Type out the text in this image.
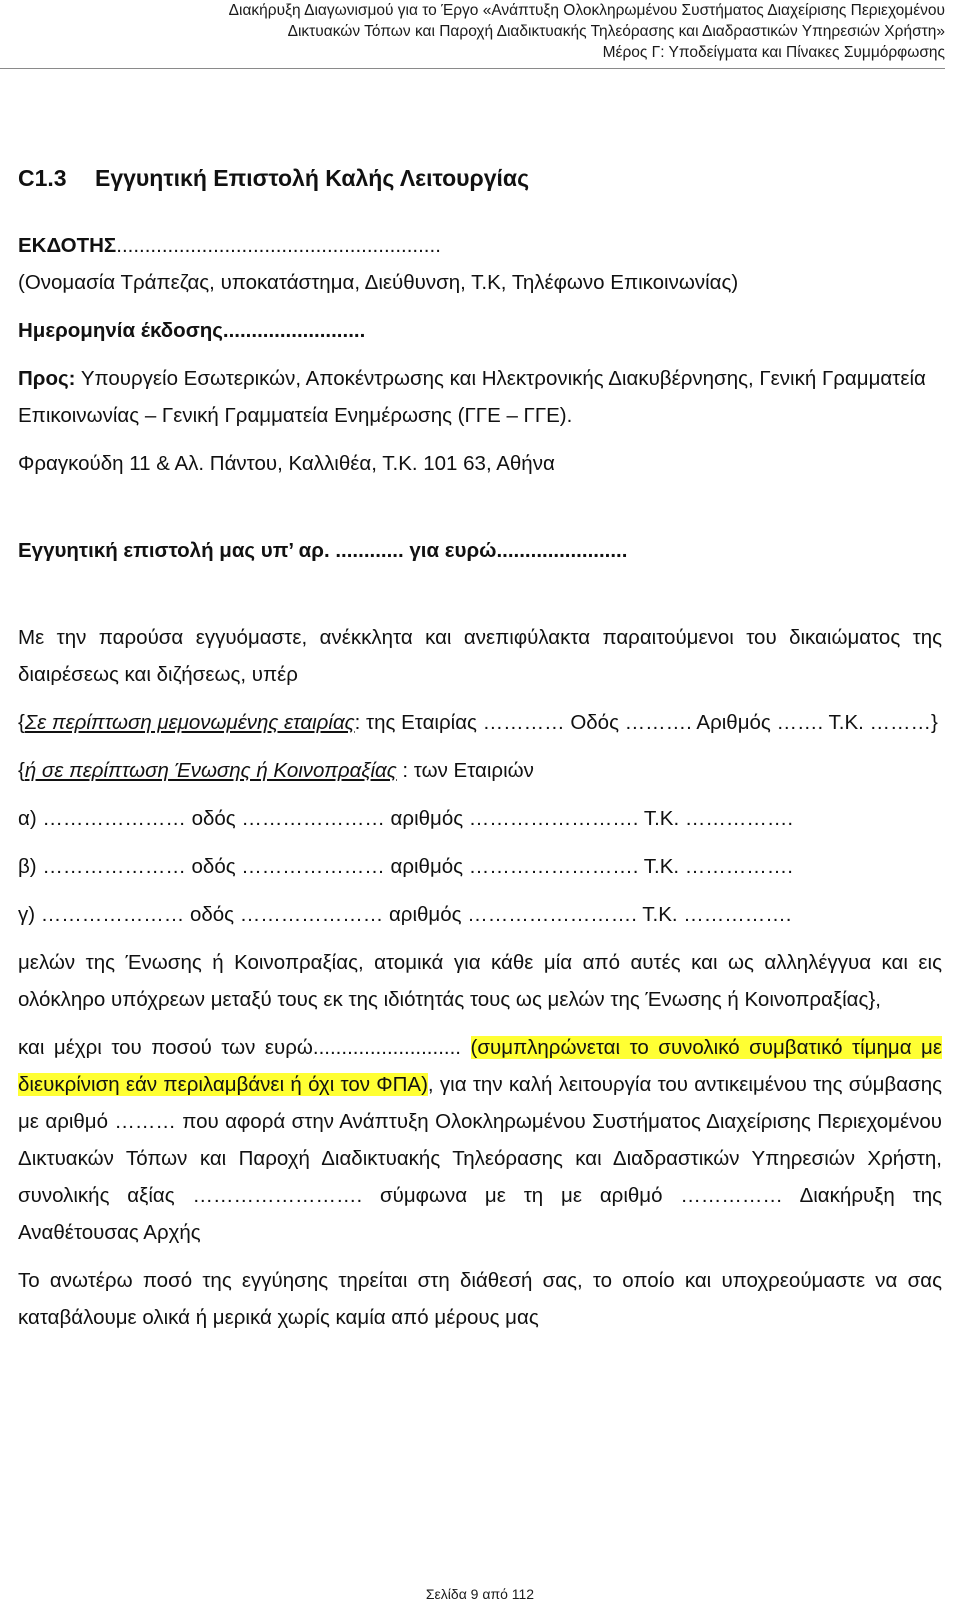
Διακήρυξη Διαγωνισμού για το Έργο «Ανάπτυξη Ολοκληρωμένου Συστήματος Διαχείρισης Περιεχομένου
Δικτυακών Τόπων και Παροχή Διαδικτυακής Τηλεόρασης και Διαδραστικών Υπηρεσιών Χρήστη»
Μέρος Γ: Υποδείγματα και Πίνακες Συμμόρφωσης

C1.3 Εγγυητική Επιστολή Καλής Λειτουργίας

ΕΚΔΟΤΗΣ.........................................................

(Ονομασία Τράπεζας, υποκατάστημα, Διεύθυνση, Τ.Κ, Τηλέφωνο Επικοινωνίας)

Ημερομηνία έκδοσης.........................

Προς: Υπουργείο Εσωτερικών, Αποκέντρωσης και Ηλεκτρονικής Διακυβέρνησης, Γενική Γραμματεία Επικοινωνίας – Γενική Γραμματεία Ενημέρωσης (ΓΓΕ – ΓΓΕ).

Φραγκούδη 11 & Αλ. Πάντου, Καλλιθέα, Τ.Κ. 101 63, Αθήνα

Εγγυητική επιστολή μας υπ’ αρ. ............ για ευρώ.......................

Με την παρούσα εγγυόμαστε, ανέκκλητα και ανεπιφύλακτα παραιτούμενοι του δικαιώματος της διαιρέσεως και διζήσεως, υπέρ

{Σε περίπτωση μεμονωμένης εταιρίας: της Εταιρίας ………… Οδός ………. Αριθμός ……. Τ.Κ. ………}

{ή σε περίπτωση Ένωσης ή Κοινοπραξίας : των Εταιριών

α) ………………… οδός ………………… αριθμός ……………………. Τ.Κ. …………….

β) ………………… οδός ………………… αριθμός ……………………. Τ.Κ. …………….

γ) ………………… οδός ………………… αριθμός ……………………. Τ.Κ. …………….

μελών της Ένωσης ή Κοινοπραξίας, ατομικά για κάθε μία από αυτές και ως αλληλέγγυα και εις ολόκληρο υπόχρεων μεταξύ τους εκ της ιδιότητάς τους ως μελών της Ένωσης ή Κοινοπραξίας},

και μέχρι του ποσού των ευρώ.......................... (συμπληρώνεται το συνολικό συμβατικό τίμημα με διευκρίνιση εάν περιλαμβάνει ή όχι τον ΦΠΑ), για την καλή λειτουργία του αντικειμένου της σύμβασης με αριθμό ……… που αφορά στην Ανάπτυξη Ολοκληρωμένου Συστήματος Διαχείρισης Περιεχομένου Δικτυακών Τόπων και Παροχή Διαδικτυακής Τηλεόρασης και Διαδραστικών Υπηρεσιών Χρήστη, συνολικής αξίας ……………………. σύμφωνα με τη με αριθμό …………… Διακήρυξη της Αναθέτουσας Αρχής

Το ανωτέρω ποσό της εγγύησης τηρείται στη διάθεσή σας, το οποίο και υποχρεούμαστε να σας καταβάλουμε ολικά ή μερικά χωρίς καμία από μέρους μας

Σελίδα 9 από 112
